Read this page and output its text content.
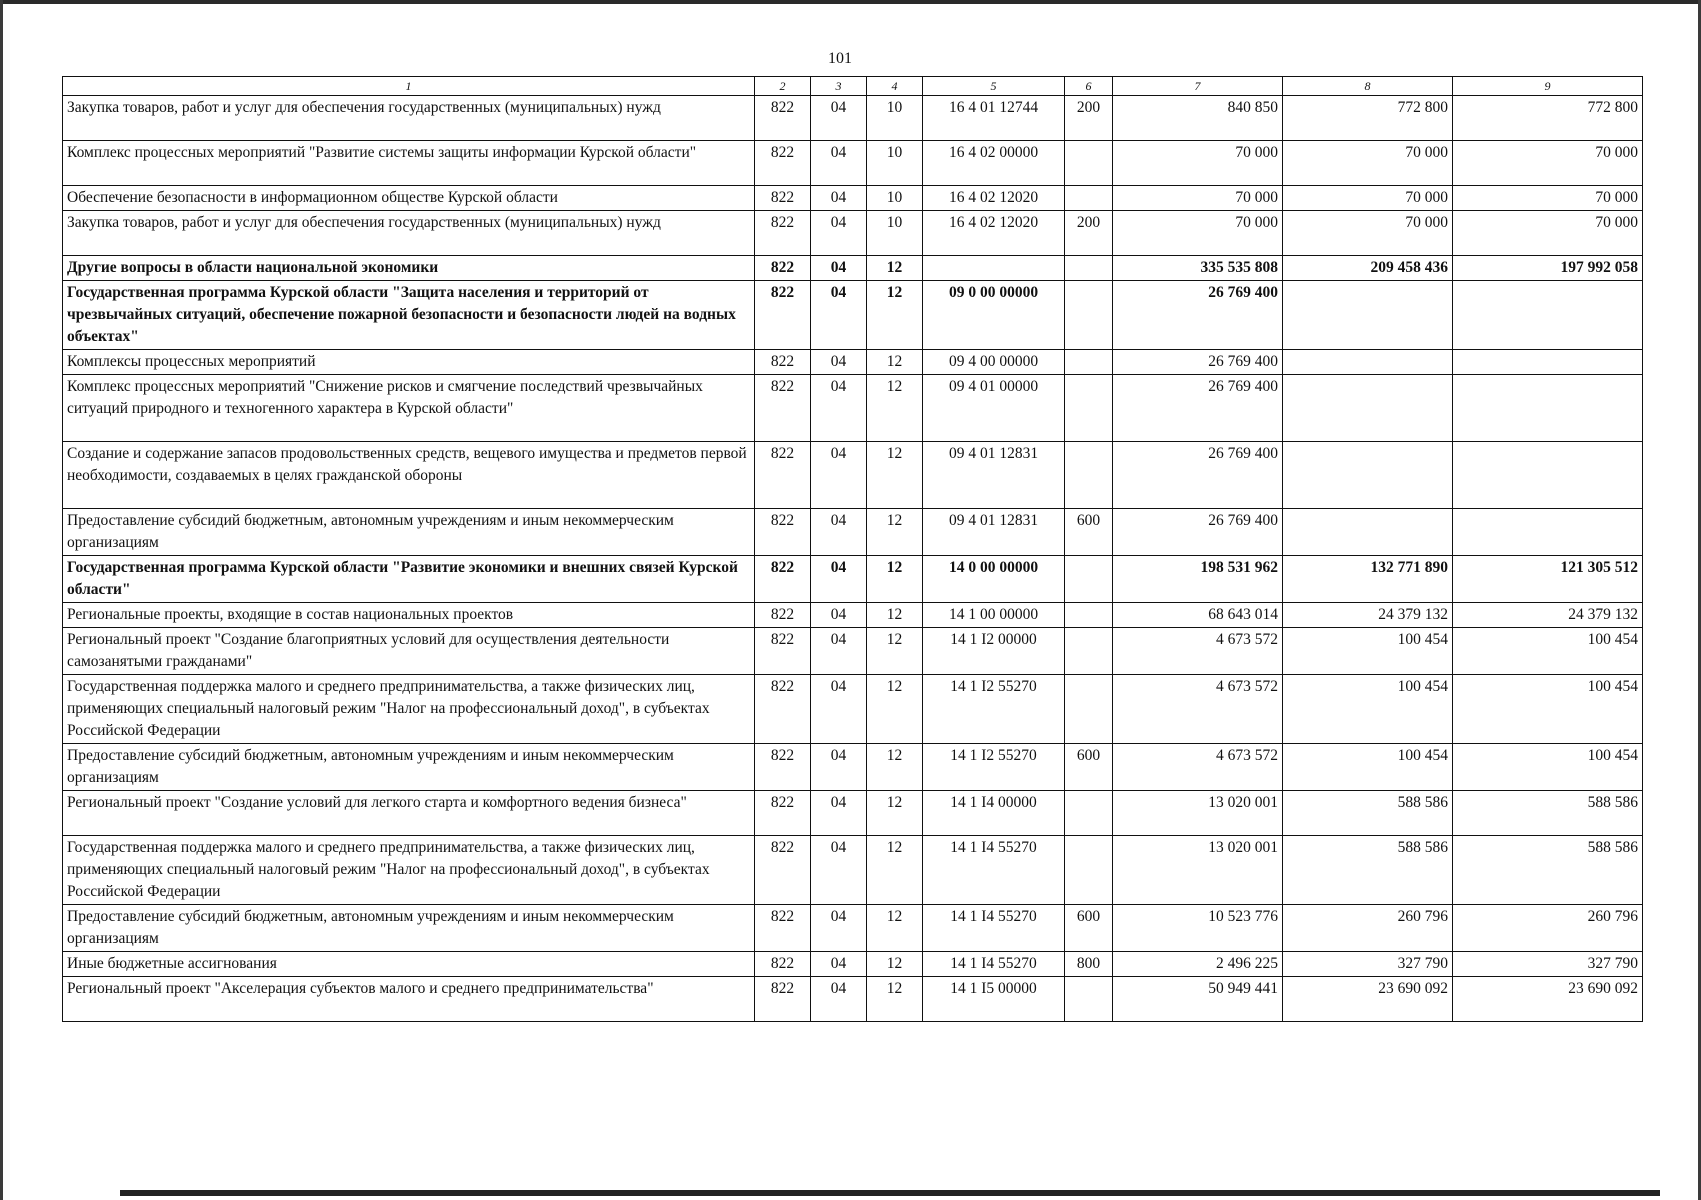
101
1	2	3	4	5	6	7	8	9
Закупка товаров, работ и услуг для обеспечения государственных (муниципальных) нужд	822	04	10	16 4 01 12744	200	840 850	772 800	772 800
Комплекс процессных мероприятий "Развитие системы защиты информации Курской области"	822	04	10	16 4 02 00000		70 000	70 000	70 000
Обеспечение безопасности в информационном обществе Курской области	822	04	10	16 4 02 12020		70 000	70 000	70 000
Закупка товаров, работ и услуг для обеспечения государственных (муниципальных) нужд	822	04	10	16 4 02 12020	200	70 000	70 000	70 000
Другие вопросы в области национальной экономики	822	04	12			335 535 808	209 458 436	197 992 058
Государственная программа Курской области "Защита населения и территорий от чрезвычайных ситуаций, обеспечение пожарной безопасности и безопасности людей на водных объектах"	822	04	12	09 0 00 00000		26 769 400		
Комплексы процессных мероприятий	822	04	12	09 4 00 00000		26 769 400		
Комплекс процессных мероприятий "Снижение рисков и смягчение последствий чрезвычайных ситуаций природного и техногенного характера в Курской области"	822	04	12	09 4 01 00000		26 769 400		
Создание и содержание запасов продовольственных средств, вещевого имущества и предметов первой необходимости, создаваемых в целях гражданской обороны	822	04	12	09 4 01 12831		26 769 400		
Предоставление субсидий бюджетным, автономным учреждениям и иным некоммерческим организациям	822	04	12	09 4 01 12831	600	26 769 400		
Государственная программа Курской области "Развитие экономики и внешних связей Курской области"	822	04	12	14 0 00 00000		198 531 962	132 771 890	121 305 512
Региональные проекты, входящие в состав национальных проектов	822	04	12	14 1 00 00000		68 643 014	24 379 132	24 379 132
Региональный проект "Создание благоприятных условий для осуществления деятельности самозанятыми гражданами"	822	04	12	14 1 I2 00000		4 673 572	100 454	100 454
Государственная поддержка малого и среднего предпринимательства, а также физических лиц, применяющих специальный налоговый режим "Налог на профессиональный доход", в субъектах Российской Федерации	822	04	12	14 1 I2 55270		4 673 572	100 454	100 454
Предоставление субсидий бюджетным, автономным учреждениям и иным некоммерческим организациям	822	04	12	14 1 I2 55270	600	4 673 572	100 454	100 454
Региональный проект "Создание условий для легкого старта и комфортного ведения бизнеса"	822	04	12	14 1 I4 00000		13 020 001	588 586	588 586
Государственная поддержка малого и среднего предпринимательства, а также физических лиц, применяющих специальный налоговый режим "Налог на профессиональный доход", в субъектах Российской Федерации	822	04	12	14 1 I4 55270		13 020 001	588 586	588 586
Предоставление субсидий бюджетным, автономным учреждениям и иным некоммерческим организациям	822	04	12	14 1 I4 55270	600	10 523 776	260 796	260 796
Иные бюджетные ассигнования	822	04	12	14 1 I4 55270	800	2 496 225	327 790	327 790
Региональный проект "Акселерация субъектов малого и среднего предпринимательства"	822	04	12	14 1 I5 00000		50 949 441	23 690 092	23 690 092
